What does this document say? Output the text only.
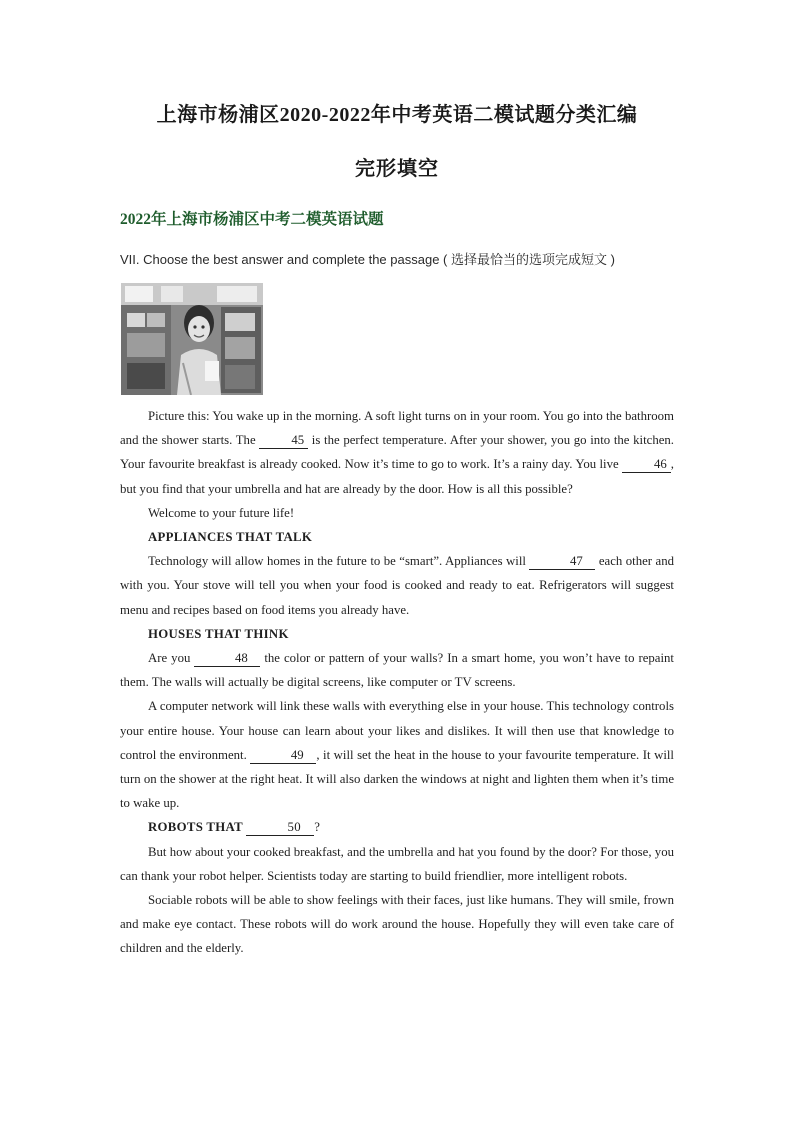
上海市杨浦区2020-2022年中考英语二模试题分类汇编
完形填空
2022年上海市杨浦区中考二模英语试题
VII. Choose the best answer and complete the passage ( 选择最恰当的选项完成短文 )

Picture this: You wake up in the morning. A soft light turns on in your room. You go into the bathroom and the shower starts. The	45 is the perfect temperature. After your shower, you go into the kitchen. Your favourite breakfast is already cooked. Now it’s time to go to work. It’s a rainy day. You live	46 , but you find that your umbrella and hat are already by the door. How is all this possible?

Welcome to your future life!

APPLIANCES THAT TALK

Technology will allow homes in the future to be “smart”. Appliances will	47 each other and with you. Your stove will tell you when your food is cooked and ready to eat. Refrigerators will suggest menu and recipes based on food items you already have.

HOUSES THAT THINK

Are you	48 the color or pattern of your walls? In a smart home, you won’t have to repaint them. The walls will actually be digital screens, like computer or TV screens.

A computer network will link these walls with everything else in your house. This technology controls your entire house. Your house can learn about your likes and dislikes. It will then use that knowledge to control the environment.	49 , it will set the heat in the house to your favourite temperature. It will turn on the shower at the right heat. It will also darken the windows at night and lighten them when it’s time to wake up.

ROBOTS THAT	50 ?

But how about your cooked breakfast, and the umbrella and hat you found by the door? For those, you can thank your robot helper. Scientists today are starting to build friendlier, more intelligent robots.

Sociable robots will be able to show feelings with their faces, just like humans. They will smile, frown and make eye contact. These robots will do work around the house. Hopefully they will even take care of children and the elderly.
